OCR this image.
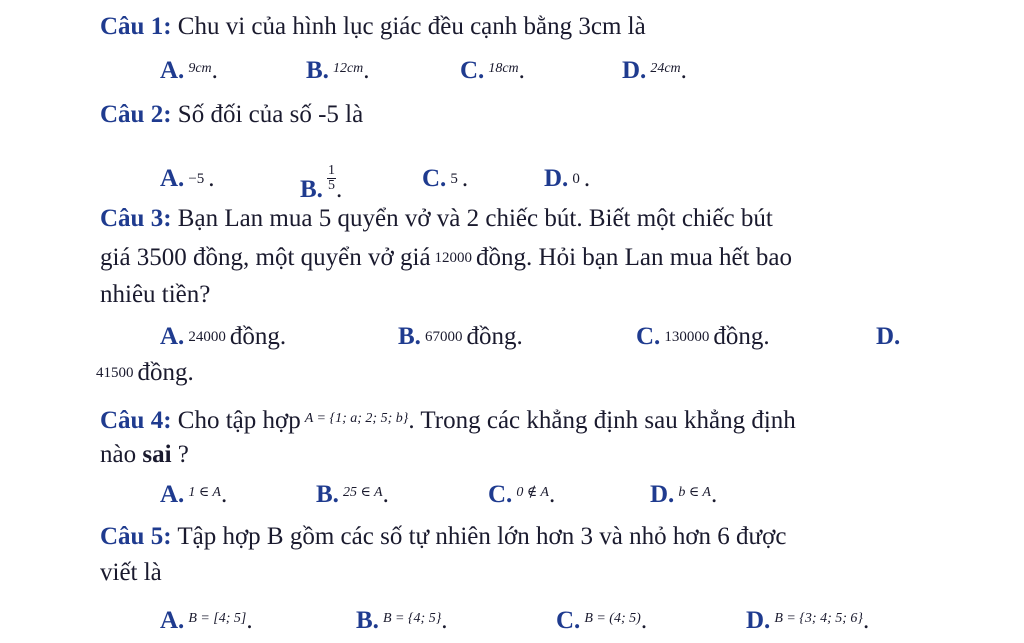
Câu 1: Chu vi của hình lục giác đều cạnh bằng 3cm là
A. $^{9cm}$.	B. $^{12cm}$.	C. $^{18cm}$.	D. $^{24cm}$.
Câu 2: Số đối của số -5 là
A. −5 .	B. $\frac{1}{5}$ .	C. 5 .	D. 0 .
Câu 3: Bạn Lan mua 5 quyển vở và 2 chiếc bút. Biết một chiếc bút
giá 3500 đồng, một quyển vở giá 12000 đồng. Hỏi bạn Lan mua hết bao
nhiêu tiền?
A. 24000 đồng.	B. 67000 đồng.	C. 130000 đồng.	D.
41500 đồng.
Câu 4: Cho tập hợp $^{A = \{1; a; 2; 5; b\}}$. Trong các khẳng định sau khẳng định
nào sai ?
A. $^{1 \in A}$.	B. $^{25 \in A}$.	C. $^{0 \notin A}$.	D. $^{b \in A}$.
Câu 5: Tập hợp B gồm các số tự nhiên lớn hơn 3 và nhỏ hơn 6 được
viết là
A. $^{B = [4; 5]}$.	B. $^{B = \{4; 5\}}$.	C. $^{B = (4; 5)}$.	D. $^{B = \{3; 4; 5; 6\}}$.
